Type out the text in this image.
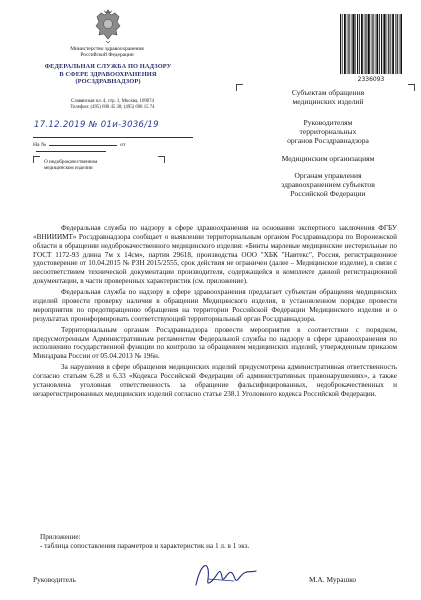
Министерство здравоохранения
Российской Федерации
ФЕДЕРАЛЬНАЯ СЛУЖБА ПО НАДЗОРУ
В СФЕРЕ ЗДРАВООХРАНЕНИЯ
(РОСЗДРАВНАДЗОР)
Славянская пл. 4, стр. 1, Москва, 109074
Телефон: (495) 698 45 38; (495) 698 15 74
17.12.2019 № 01и-3036/19
На №	от
О недоброкачественном
медицинском изделии
2336093
Субъектам обращения
медицинских изделий
Руководителям
территориальных
органов Росздравнадзора
Медицинским организациям
Органам управления
здравоохранением субъектов
Российской Федерации

Федеральная служба по надзору в сфере здравоохранения на основании экспертного заключения ФГБУ «ВНИИИМТ» Росздравнадзора сообщает о выявлении территориальным органом Росздравнадзора по Воронежской области в обращении недоброкачественного медицинского изделия: «Бинты марлевые медицинские нестерильные по ГОСТ 1172-93 длина 7м х 14см», партия 29618, производства ООО "ХБК "Навтекс", Россия, регистрационное удостоверение от 10.04.2015 № РЗН 2015/2555, срок действия не ограничен (далее – Медицинское изделие), в связи с несоответствием технической документации производителя, содержащейся в комплекте данной регистрационной документации, в части проверенных характеристик (см. приложение).

Федеральная служба по надзору в сфере здравоохранения предлагает субъектам обращения медицинских изделий провести проверку наличия в обращении Медицинского изделия, в установленном порядке провести мероприятия по предотвращению обращения на территории Российской Федерации Медицинского изделия и о результатах проинформировать соответствующий территориальный орган Росздравнадзора.

Территориальным органам Росздравнадзора провести мероприятия в соответствии с порядком, предусмотренным Административным регламентом Федеральной службы по надзору в сфере здравоохранения по исполнению государственной функции по контролю за обращением медицинских изделий, утвержденным приказом Минздрава России от 05.04.2013 № 196н.

За нарушения в сфере обращения медицинских изделий предусмотрена административная ответственность согласно статьям 6.28 и 6.33 «Кодекса Российской Федерации об административных правонарушениях», а также установлена уголовная ответственность за обращение фальсифицированных, недоброкачественных и незарегистрированных медицинских изделий согласно статье 238.1 Уголовного кодекса Российской Федерации.

Приложение:
- таблица сопоставления параметров и характеристик на 1 л. в 1 экз.
Руководитель	М.А. Мурашко
